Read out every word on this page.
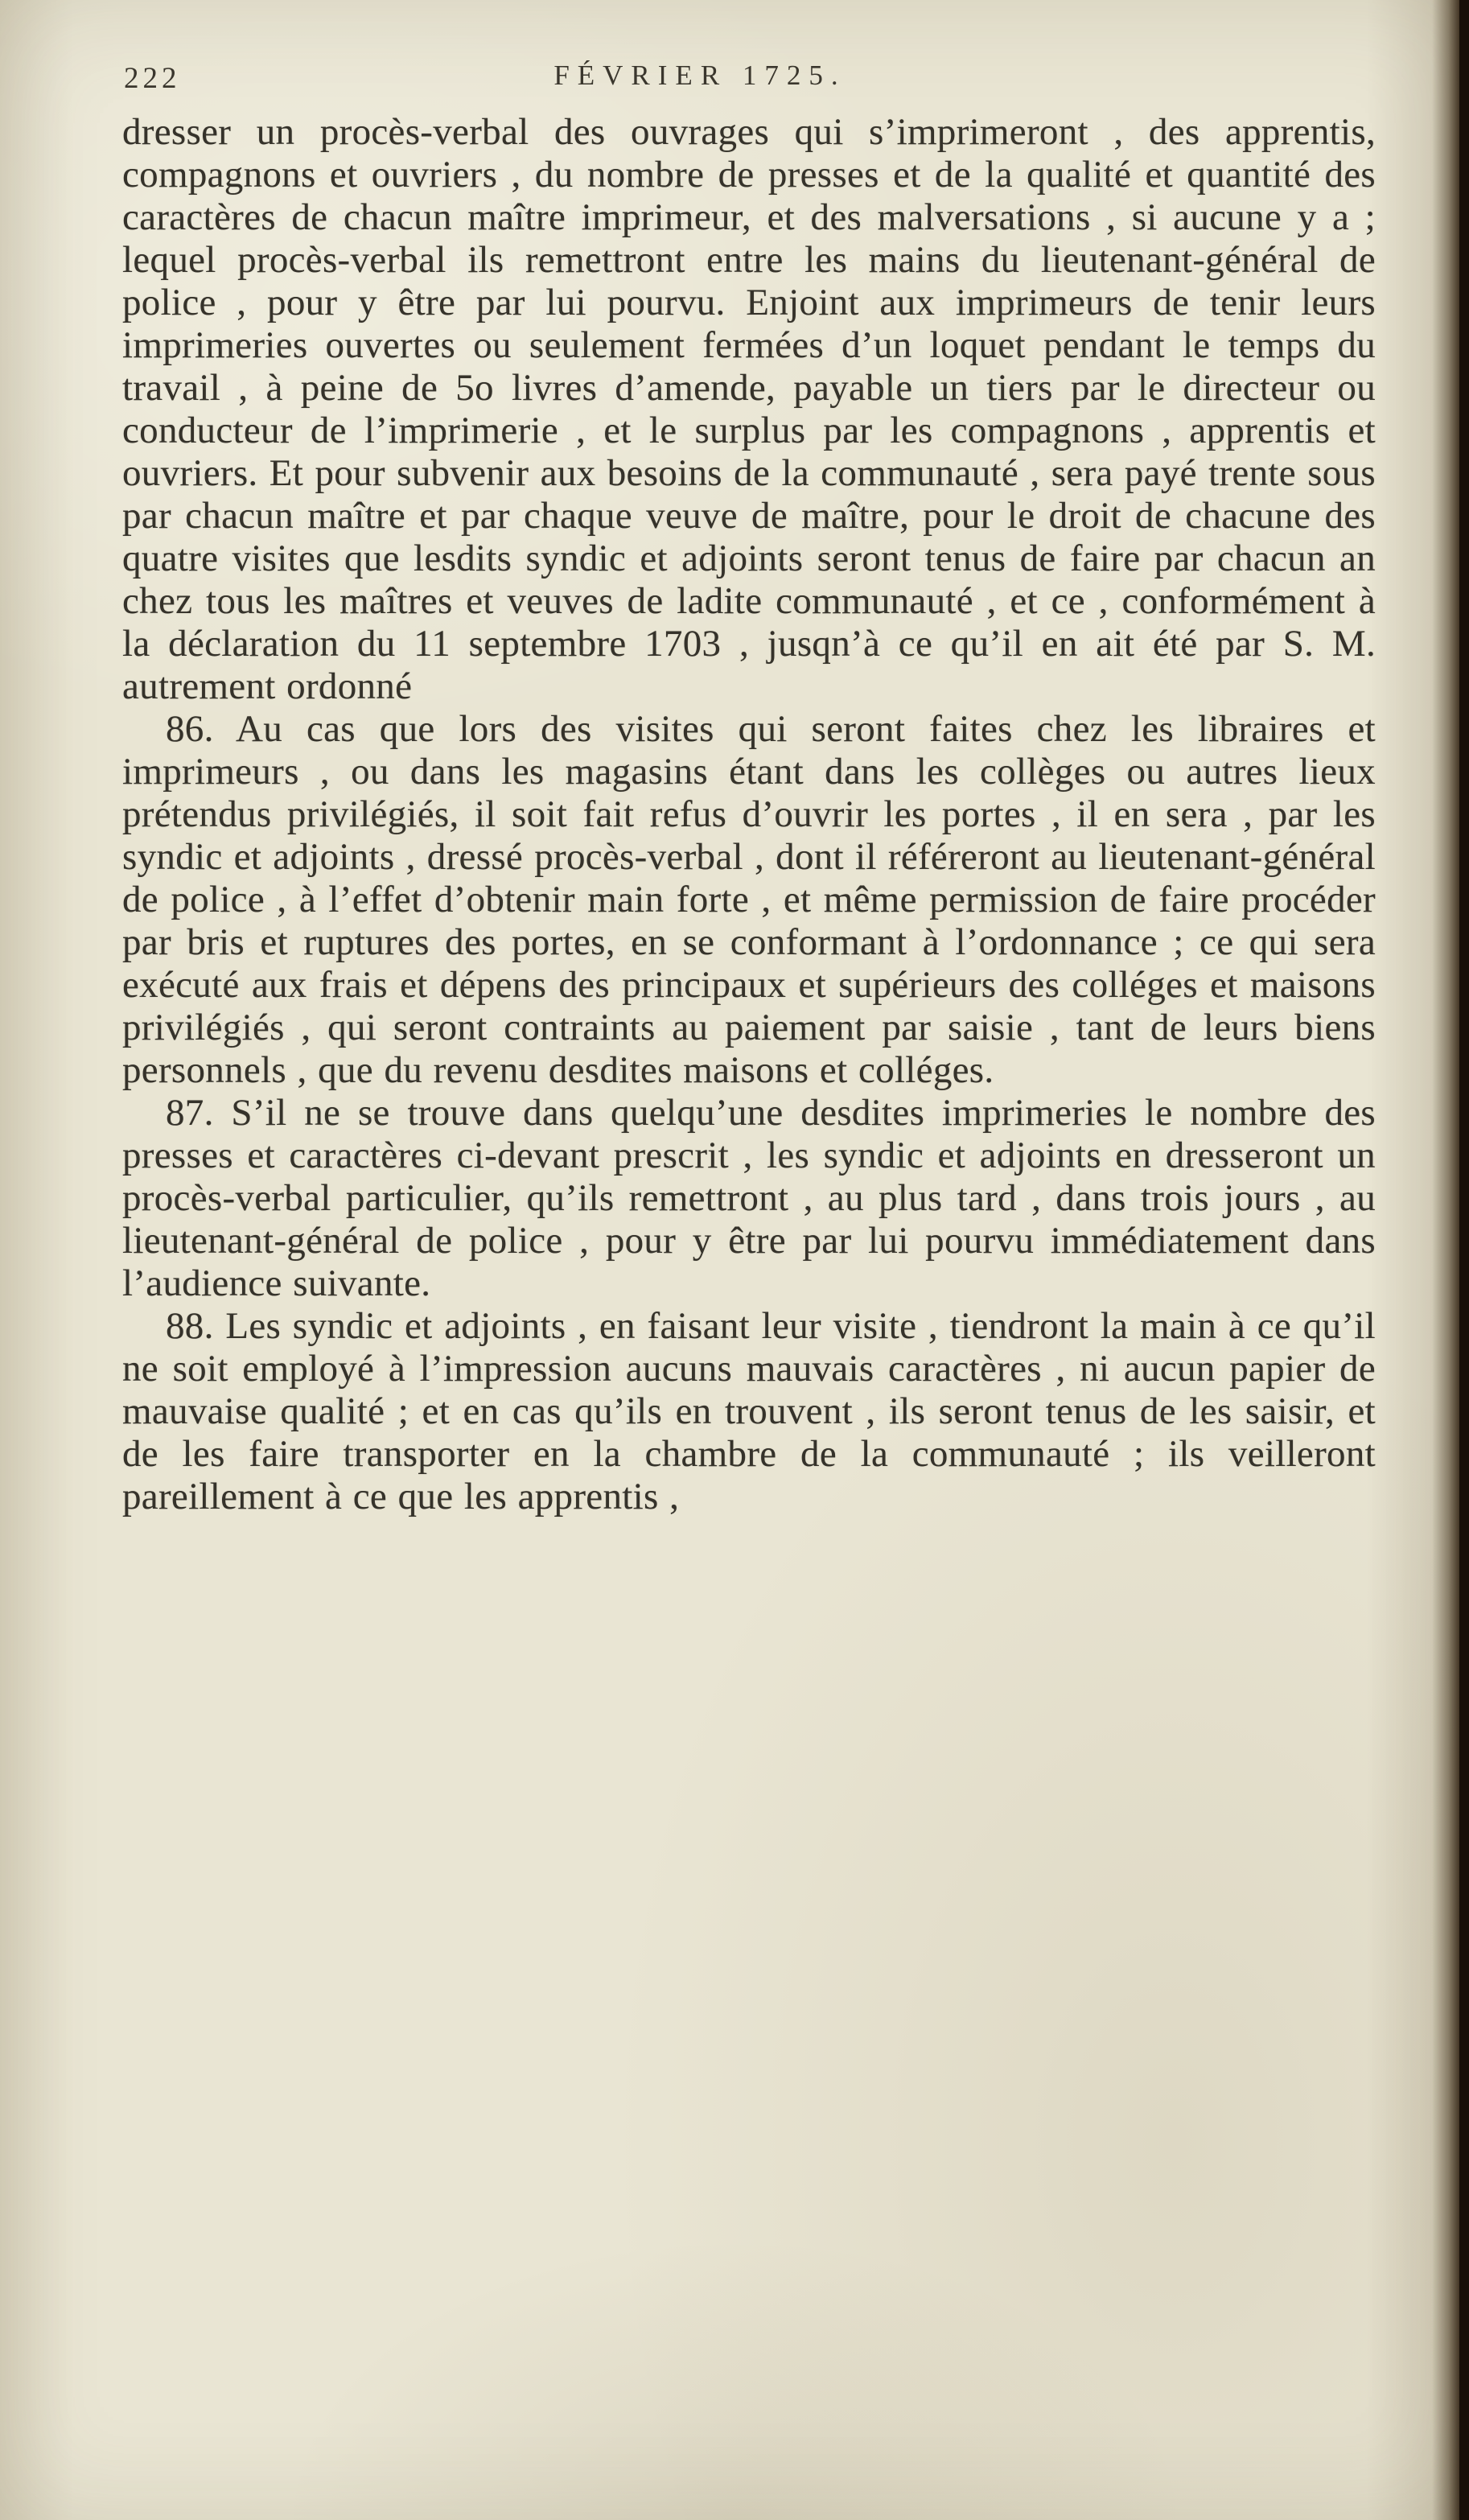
222	FÉVRIER 1725.

dresser un procès-verbal des ouvrages qui s’imprimeront , des apprentis, compagnons et ouvriers , du nombre de presses et de la qualité et quantité des caractères de chacun maître imprimeur, et des malversations , si aucune y a ; lequel procès-verbal ils remettront entre les mains du lieutenant-général de police , pour y être par lui pourvu. Enjoint aux imprimeurs de tenir leurs imprimeries ouvertes ou seulement fermées d’un loquet pendant le temps du travail , à peine de 5o livres d’amende, payable un tiers par le directeur ou conducteur de l’imprimerie , et le surplus par les compagnons , apprentis et ouvriers. Et pour subvenir aux besoins de la communauté , sera payé trente sous par chacun maître et par chaque veuve de maître, pour le droit de chacune des quatre visites que lesdits syndic et adjoints seront tenus de faire par chacun an chez tous les maîtres et veuves de ladite communauté , et ce , conformément à la déclaration du 11 septembre 1703 , jusqn’à ce qu’il en ait été par S. M. autrement ordonné

86. Au cas que lors des visites qui seront faites chez les libraires et imprimeurs , ou dans les magasins étant dans les collèges ou autres lieux prétendus privilégiés, il soit fait refus d’ouvrir les portes , il en sera , par les syndic et adjoints , dressé procès-verbal , dont il référeront au lieutenant-général de police , à l’effet d’obtenir main forte , et même permission de faire procéder par bris et ruptures des portes, en se conformant à l’ordonnance ; ce qui sera exécuté aux frais et dépens des principaux et supérieurs des colléges et maisons privilégiés , qui seront contraints au paiement par saisie , tant de leurs biens personnels , que du revenu desdites maisons et colléges.

87. S’il ne se trouve dans quelqu’une desdites imprimeries le nombre des presses et caractères ci-devant prescrit , les syndic et adjoints en dresseront un procès-verbal particulier, qu’ils remettront , au plus tard , dans trois jours , au lieutenant-général de police , pour y être par lui pourvu immédiatement dans l’audience suivante.

88. Les syndic et adjoints , en faisant leur visite , tiendront la main à ce qu’il ne soit employé à l’impression aucuns mauvais caractères , ni aucun papier de mauvaise qualité ; et en cas qu’ils en trouvent , ils seront tenus de les saisir, et de les faire transporter en la chambre de la communauté ; ils veilleront pareillement à ce que les apprentis ,
